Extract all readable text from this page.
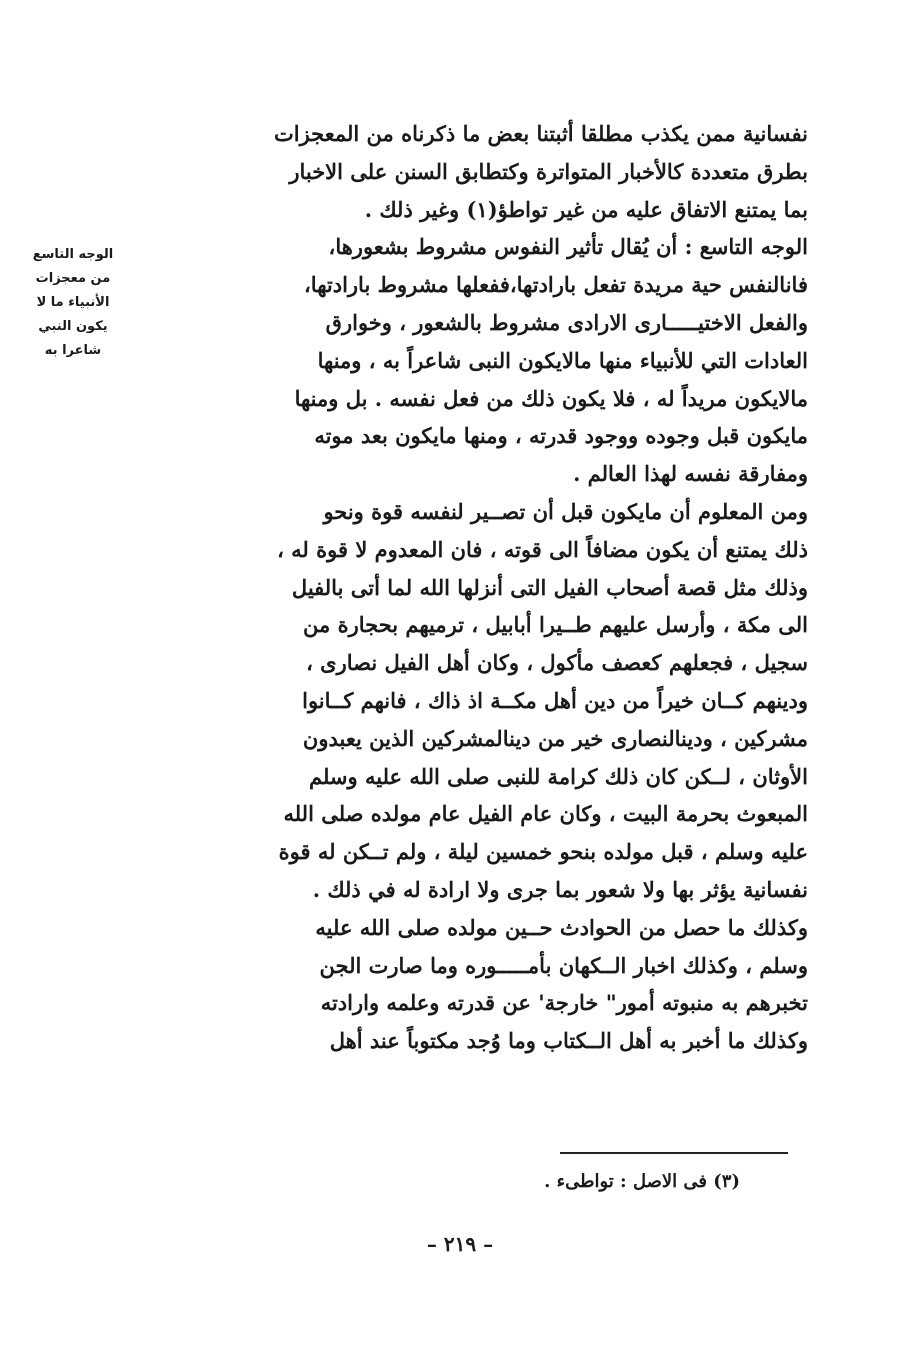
الوجه التاسع
من معجزات
الأنبياء ما لا
يكون النبي
شاعرا به
نفسانية ممن يكذب مطلقا أثبتنا بعض ما ذكرناه من المعجزات
بطرق متعددة كالأخبار المتواترة وكتطابق السنن على الاخبار
بما يمتنع الاتفاق عليه من غير تواطؤ(١) وغير ذلك .
الوجه التاسع : أن يُقال تأثير النفوس مشروط بشعورها،
فانالنفس حية مريدة تفعل بارادتها،ففعلها مشروط بارادتها،
والفعل الاختيـــــارى الارادى مشروط بالشعور ، وخوارق
العادات التي للأنبياء منها مالايكون النبى شاعراً به ، ومنها
مالايكون مريداً له ، فلا يكون ذلك من فعل نفسه . بل ومنها
مايكون قبل وجوده ووجود قدرته ، ومنها مايكون بعد موته
ومفارقة نفسه لهذا العالم .
ومن المعلوم أن مايكون قبل أن تصــير لنفسه قوة ونحو
ذلك يمتنع أن يكون مضافاً الى قوته ، فان المعدوم لا قوة له ،
وذلك مثل قصة أصحاب الفيل التى أنزلها الله لما أتى بالفيل
الى مكة ، وأرسل عليهم طــيرا أبابيل ، ترميهم بحجارة من
سجيل ، فجعلهم كعصف مأكول ، وكان أهل الفيل نصارى ،
ودينهم كــان خيراً من دين أهل مكــة اذ ذاك ، فانهم كــانوا
مشركين ، ودينالنصارى خير من دينالمشركين الذين يعبدون
الأوثان ، لــكن كان ذلك كرامة للنبى صلى الله عليه وسلم
المبعوث بحرمة البيت ، وكان عام الفيل عام مولده صلى الله
عليه وسلم ، قبل مولده بنحو خمسين ليلة ، ولم تــكن له قوة
نفسانية يؤثر بها ولا شعور بما جرى ولا ارادة له في ذلك .
وكذلك ما حصل من الحوادث حــين مولده صلى الله عليه
وسلم ، وكذلك اخبار الــكهان بأمـــــوره وما صارت الجن
تخبرهم به منبوته أمور" خارجة' عن قدرته وعلمه وارادته
وكذلك ما أخبر به أهل الــكتاب وما وُجد مكتوباً عند أهل
(٣) فى الاصل : تواطىء .
– ٢١٩ –
